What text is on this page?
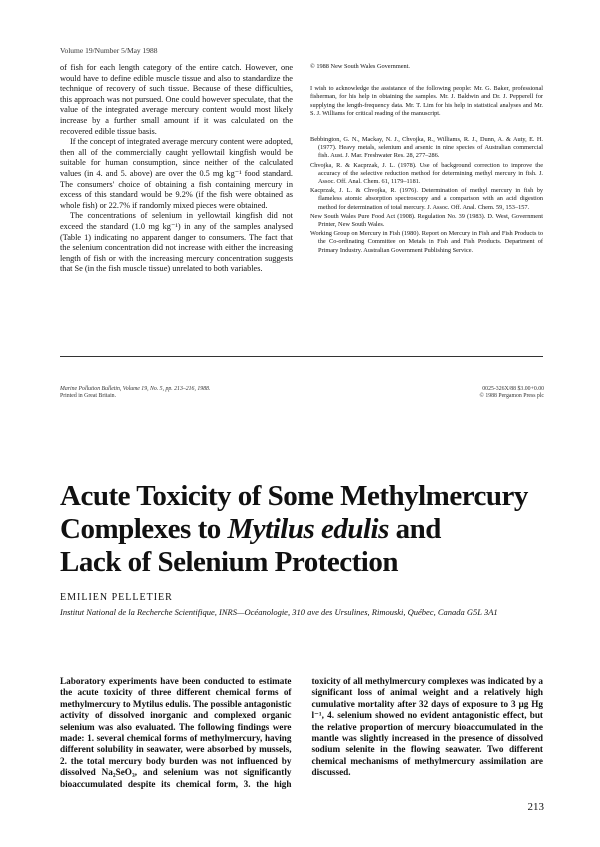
Volume 19/Number 5/May 1988

of fish for each length category of the entire catch. However, one would have to define edible muscle tissue and also to standardize the technique of recovery of such tissue. Because of these difficulties, this approach was not pursued. One could however speculate, that the value of the integrated average mercury content would most likely increase by a further small amount if it was calculated on the recovered edible tissue basis.

If the concept of integrated average mercury content were adopted, then all of the commercially caught yellowtail kingfish would be suitable for human consumption, since neither of the calculated values (in 4. and 5. above) are over the 0.5 mg kg⁻¹ food standard. The consumers' choice of obtaining a fish containing mercury in excess of this standard would be 9.2% (if the fish were obtained as whole fish) or 22.7% if randomly mixed pieces were obtained.

The concentrations of selenium in yellowtail kingfish did not exceed the standard (1.0 mg kg⁻¹) in any of the samples analysed (Table 1) indicating no apparent danger to consumers. The fact that the selenium concentration did not increase with either the increasing length of fish or with the increasing mercury concentration suggests that Se (in the fish muscle tissue) unrelated to both variables.

© 1988 New South Wales Government.

I wish to acknowledge the assistance of the following people: Mr. G. Baker, professional fisherman, for his help in obtaining the samples. Mr. J. Baldwin and Dr. J. Pepperell for supplying the length-frequency data. Mr. T. Lim for his help in statistical analyses and Mr. S. J. Williams for critical reading of the manuscript.

Bebbington, G. N., Mackay, N. J., Chvojka, R., Williams, R. J., Dunn, A. & Auty, E. H. (1977). Heavy metals, selenium and arsenic in nine species of Australian commercial fish. Aust. J. Mar. Freshwater Res. 28, 277–286.

Chvojka, R. & Kacprzak, J. L. (1978). Use of background correction to improve the accuracy of the selective reduction method for determining methyl mercury in fish. J. Assoc. Off. Anal. Chem. 61, 1179–1181.

Kacprzak, J. L. & Chvojka, R. (1976). Determination of methyl mercury in fish by flameless atomic absorption spectroscopy and a comparison with an acid digestion method for determination of total mercury. J. Assoc. Off. Anal. Chem. 59, 153–157.

New South Wales Pure Food Act (1908). Regulation No. 39 (1983). D. West, Government Printer, New South Wales.

Working Group on Mercury in Fish (1980). Report on Mercury in Fish and Fish Products to the Co-ordinating Committee on Metals in Fish and Fish Products. Department of Primary Industry. Australian Government Publishing Service.

Marine Pollution Bulletin, Volume 19, No. 5, pp. 213–216, 1988.
Printed in Great Britain.
0025-326X/88 $3.00+0.00
© 1988 Pergamon Press plc
Acute Toxicity of Some Methylmercury
Complexes to Mytilus edulis and
Lack of Selenium Protection
EMILIEN PELLETIER
Institut National de la Recherche Scientifique, INRS—Océanologie, 310 ave des Ursulines, Rimouski, Québec, Canada G5L 3A1

Laboratory experiments have been conducted to estimate the acute toxicity of three different chemical forms of methylmercury to Mytilus edulis. The possible antagonistic activity of dissolved inorganic and complexed organic selenium was also evaluated. The following findings were made: 1. several chemical forms of methylmercury, having different solubility in seawater, were absorbed by mussels, 2. the total mercury body burden was not influenced by dissolved Na₂SeO₃, and selenium was not significantly bioaccumulated despite its chemical form, 3. the high toxicity of all methylmercury complexes was indicated by a significant loss of animal weight and a relatively high cumulative mortality after 32 days of exposure to 3 µg Hg l⁻¹, 4. selenium showed no evident antagonistic effect, but the relative proportion of mercury bioaccumulated in the mantle was slightly increased in the presence of dissolved sodium selenite in the flowing seawater. Two different chemical mechanisms of methylmercury assimilation are discussed.

213
